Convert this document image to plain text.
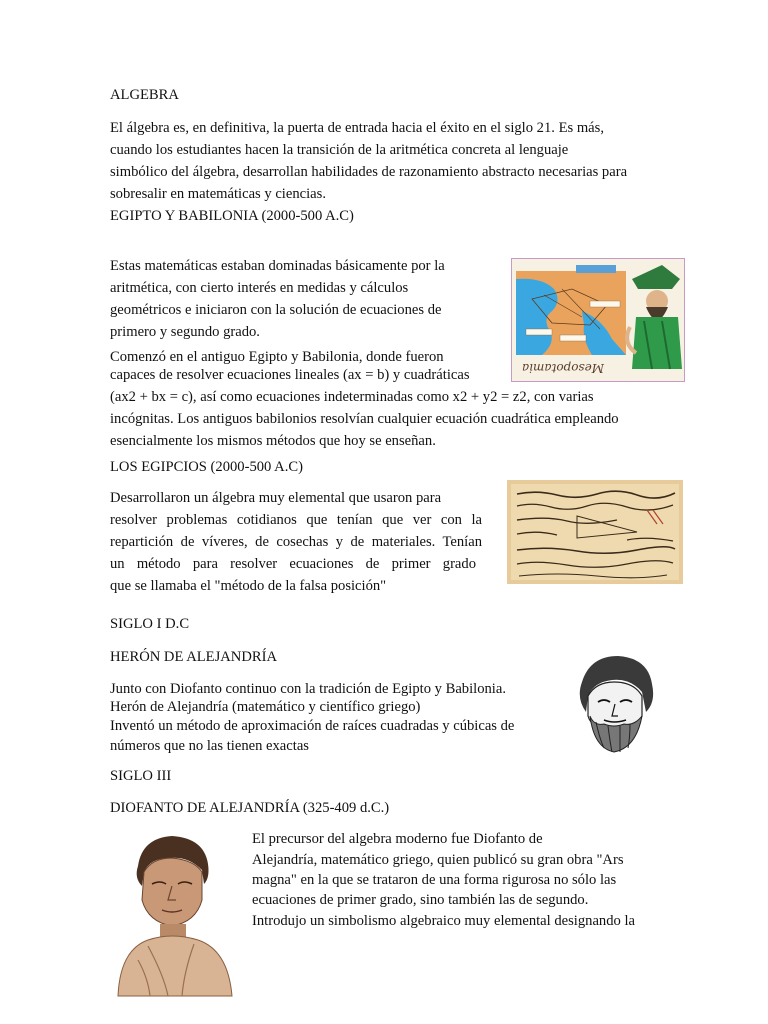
ALGEBRA

El álgebra es, en definitiva, la puerta de entrada hacia el éxito en el siglo 21. Es más,

cuando los estudiantes hacen la transición de la aritmética concreta al lenguaje

simbólico del álgebra, desarrollan habilidades de razonamiento abstracto necesarias para

sobresalir en matemáticas y ciencias.

EGIPTO Y BABILONIA (2000-500 A.C)

Estas matemáticas estaban dominadas básicamente por la

aritmética, con cierto interés en medidas y cálculos

geométricos e iniciaron con la solución de ecuaciones de

primero y segundo grado.

Comenzó en el antiguo Egipto y Babilonia, donde fueron

capaces de resolver ecuaciones lineales (ax = b) y cuadráticas

(ax2 + bx = c), así como ecuaciones indeterminadas como x2 + y2 = z2, con varias

incógnitas. Los antiguos babilonios resolvían cualquier ecuación cuadrática empleando

esencialmente los mismos métodos que hoy se enseñan.

Mesopotamia

LOS EGIPCIOS (2000-500 A.C)

Desarrollaron un álgebra muy elemental que usaron para

resolver problemas cotidianos que tenían que ver con la

repartición de víveres, de cosechas y de materiales. Tenían

un método para resolver ecuaciones de primer grado

que se llamaba el "método de la falsa posición"

SIGLO I D.C

HERÓN DE ALEJANDRÍA

Junto con Diofanto continuo con la tradición de Egipto y Babilonia.

Herón de Alejandría (matemático y científico griego)

Inventó un método de aproximación de raíces cuadradas y cúbicas de

números que no las tienen exactas

SIGLO III

DIOFANTO DE ALEJANDRÍA (325-409 d.C.)

El precursor del algebra moderno fue Diofanto de

Alejandría, matemático griego, quien publicó su gran obra "Ars

magna" en la que se trataron de una forma rigurosa no sólo las

ecuaciones de primer grado, sino también las de segundo.

Introdujo un simbolismo algebraico muy elemental designando la
